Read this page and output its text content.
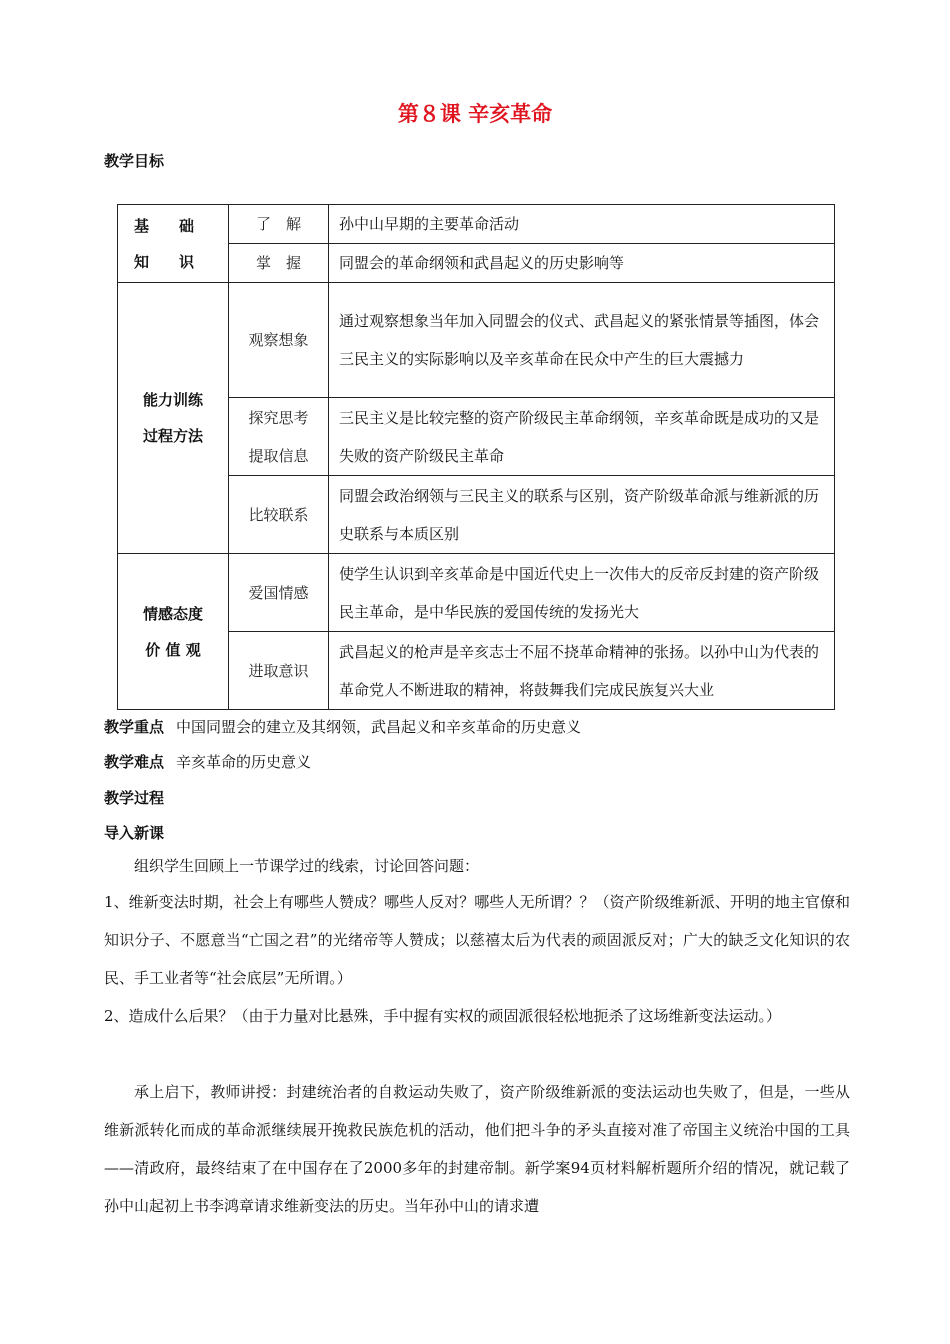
第８课 辛亥革命
教学目标
基　　础
知　　识	了　解	孙中山早期的主要革命活动
	掌　握	同盟会的革命纲领和武昌起义的历史影响等

能力训练
过程方法	观察想象	通过观察想象当年加入同盟会的仪式、武昌起义的紧张情景等插图，体会三民主义的实际影响以及辛亥革命在民众中产生的巨大震撼力

	探究思考
提取信息	三民主义是比较完整的资产阶级民主革命纲领，辛亥革命既是成功的又是失败的资产阶级民主革命
	比较联系	同盟会政治纲领与三民主义的联系与区别，资产阶级革命派与维新派的历史联系与本质区别

情感态度
价 值 观	爱国情感	使学生认识到辛亥革命是中国近代史上一次伟大的反帝反封建的资产阶级民主革命，是中华民族的爱国传统的发扬光大
	进取意识	武昌起义的枪声是辛亥志士不屈不挠革命精神的张扬。以孙中山为代表的革命党人不断进取的精神，将鼓舞我们完成民族复兴大业
教学重点 中国同盟会的建立及其纲领，武昌起义和辛亥革命的历史意义
教学难点 辛亥革命的历史意义
教学过程
导入新课
组织学生回顾上一节课学过的线索，讨论回答问题：
1、维新变法时期，社会上有哪些人赞成？哪些人反对？哪些人无所谓？？（资产阶级维新派、开明的地主官僚和知识分子、不愿意当“亡国之君”的光绪帝等人赞成；以慈禧太后为代表的顽固派反对；广大的缺乏文化知识的农民、手工业者等“社会底层”无所谓。）
2、造成什么后果？（由于力量对比悬殊，手中握有实权的顽固派很轻松地扼杀了这场维新变法运动。）
承上启下，教师讲授：封建统治者的自救运动失败了，资产阶级维新派的变法运动也失败了，但是，一些从维新派转化而成的革命派继续展开挽救民族危机的活动，他们把斗争的矛头直接对准了帝国主义统治中国的工具——清政府，最终结束了在中国存在了2000多年的封建帝制。新学案94页材料解析题所介绍的情况，就记载了孙中山起初上书李鸿章请求维新变法的历史。当年孙中山的请求遭
